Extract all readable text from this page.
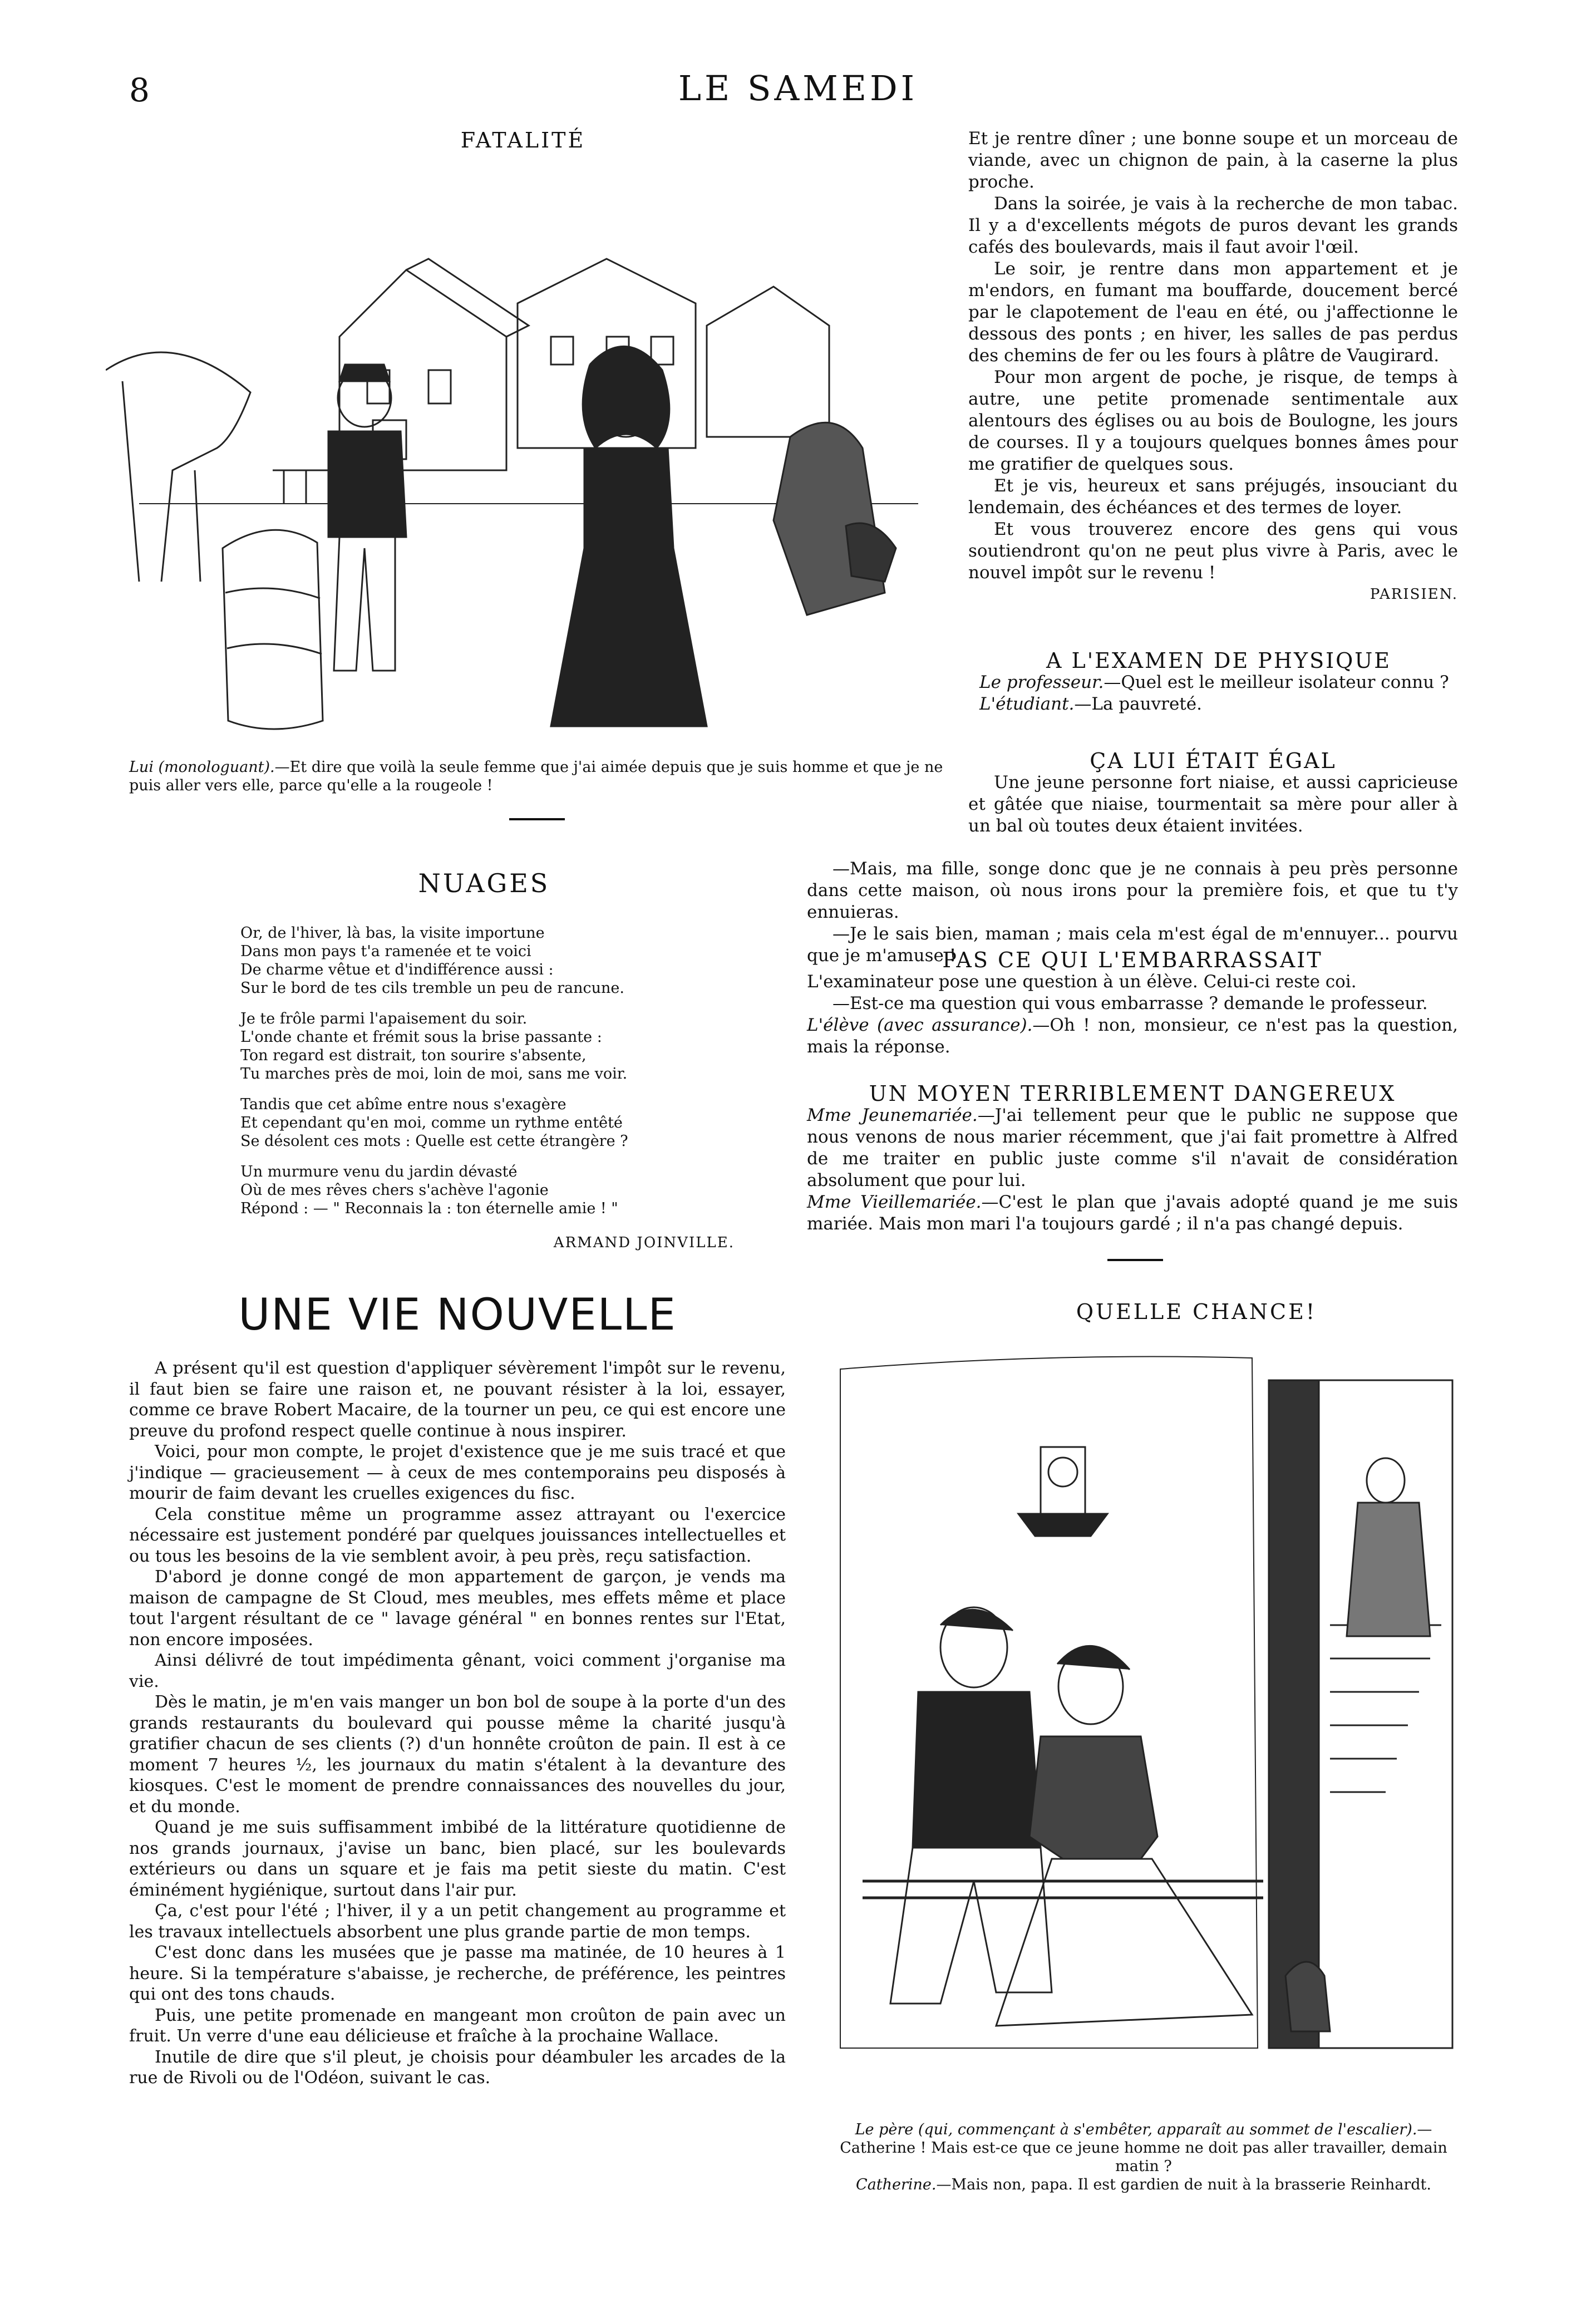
8	LE SAMEDI
FATALITÉ
Lui (monologuant).—Et dire que voilà la seule femme que j'ai aimée depuis que je suis homme et que je ne puis aller vers elle, parce qu'elle a la rougeole !
NUAGES
Or, de l'hiver, là bas, la visite importune
Dans mon pays t'a ramenée et te voici
De charme vêtue et d'indifférence aussi :
Sur le bord de tes cils tremble un peu de rancune.
Je te frôle parmi l'apaisement du soir.
L'onde chante et frémit sous la brise passante :
Ton regard est distrait, ton sourire s'absente,
Tu marches près de moi, loin de moi, sans me voir.
Tandis que cet abîme entre nous s'exagère
Et cependant qu'en moi, comme un rythme entêté
Se désolent ces mots : Quelle est cette étrangère ?
Un murmure venu du jardin dévasté
Où de mes rêves chers s'achève l'agonie
Répond : — " Reconnais la : ton éternelle amie ! "
ARMAND JOINVILLE.

Et je rentre dîner ; une bonne soupe et un morceau de viande, avec un chignon de pain, à la caserne la plus proche.

Dans la soirée, je vais à la recherche de mon tabac. Il y a d'excellents mégots de puros devant les grands cafés des boulevards, mais il faut avoir l'œil.

Le soir, je rentre dans mon appartement et je m'endors, en fumant ma bouffarde, doucement bercé par le clapotement de l'eau en été, ou j'affectionne le dessous des ponts ; en hiver, les salles de pas perdus des chemins de fer ou les fours à plâtre de Vaugirard.

Pour mon argent de poche, je risque, de temps à autre, une petite promenade sentimentale aux alentours des églises ou au bois de Boulogne, les jours de courses. Il y a toujours quelques bonnes âmes pour me gratifier de quelques sous.

Et je vis, heureux et sans préjugés, insouciant du lendemain, des échéances et des termes de loyer.

Et vous trouverez encore des gens qui vous soutiendront qu'on ne peut plus vivre à Paris, avec le nouvel impôt sur le revenu !

PARISIEN.
A L'EXAMEN DE PHYSIQUE

Le professeur.—Quel est le meilleur isolateur connu ?

L'étudiant.—La pauvreté.

ÇA LUI ÉTAIT ÉGAL

Une jeune personne fort niaise, et aussi capricieuse et gâtée que niaise, tourmentait sa mère pour aller à un bal où toutes deux étaient invitées.

—Mais, ma fille, songe donc que je ne connais à peu près personne dans cette maison, où nous irons pour la première fois, et que tu t'y ennuieras.

—Je le sais bien, maman ; mais cela m'est égal de m'ennuyer... pourvu que je m'amuse !

PAS CE QUI L'EMBARRASSAIT

L'examinateur pose une question à un élève. Celui-ci reste coi.

—Est-ce ma question qui vous embarrasse ? demande le professeur.

L'élève (avec assurance).—Oh ! non, monsieur, ce n'est pas la question, mais la réponse.

UN MOYEN TERRIBLEMENT DANGEREUX

Mme Jeunemariée.—J'ai tellement peur que le public ne suppose que nous venons de nous marier récemment, que j'ai fait promettre à Alfred de me traiter en public juste comme s'il n'avait de considération absolument que pour lui.

Mme Vieillemariée.—C'est le plan que j'avais adopté quand je me suis mariée. Mais mon mari l'a toujours gardé ; il n'a pas changé depuis.

UNE VIE NOUVELLE

A présent qu'il est question d'appliquer sévèrement l'impôt sur le revenu, il faut bien se faire une raison et, ne pouvant résister à la loi, essayer, comme ce brave Robert Macaire, de la tourner un peu, ce qui est encore une preuve du profond respect quelle continue à nous inspirer.

Voici, pour mon compte, le projet d'existence que je me suis tracé et que j'indique — gracieusement — à ceux de mes contemporains peu disposés à mourir de faim devant les cruelles exigences du fisc.

Cela constitue même un programme assez attrayant ou l'exercice nécessaire est justement pondéré par quelques jouissances intellectuelles et ou tous les besoins de la vie semblent avoir, à peu près, reçu satisfaction.

D'abord je donne congé de mon appartement de garçon, je vends ma maison de campagne de St Cloud, mes meubles, mes effets même et place tout l'argent résultant de ce " lavage général " en bonnes rentes sur l'Etat, non encore imposées.

Ainsi délivré de tout impédimenta gênant, voici comment j'organise ma vie.

Dès le matin, je m'en vais manger un bon bol de soupe à la porte d'un des grands restaurants du boulevard qui pousse même la charité jusqu'à gratifier chacun de ses clients (?) d'un honnête croûton de pain. Il est à ce moment 7 heures ½, les journaux du matin s'étalent à la devanture des kiosques. C'est le moment de prendre connaissances des nouvelles du jour, et du monde.

Quand je me suis suffisamment imbibé de la littérature quotidienne de nos grands journaux, j'avise un banc, bien placé, sur les boulevards extérieurs ou dans un square et je fais ma petit sieste du matin. C'est éminément hygiénique, surtout dans l'air pur.

Ça, c'est pour l'été ; l'hiver, il y a un petit changement au programme et les travaux intellectuels absorbent une plus grande partie de mon temps.

C'est donc dans les musées que je passe ma matinée, de 10 heures à 1 heure. Si la température s'abaisse, je recherche, de préférence, les peintres qui ont des tons chauds.

Puis, une petite promenade en mangeant mon croûton de pain avec un fruit. Un verre d'une eau délicieuse et fraîche à la prochaine Wallace.

Inutile de dire que s'il pleut, je choisis pour déambuler les arcades de la rue de Rivoli ou de l'Odéon, suivant le cas.

QUELLE CHANCE!
Le père (qui, commençant à s'embêter, apparaît au sommet de l'escalier).—Catherine ! Mais est-ce que ce jeune homme ne doit pas aller travailler, demain matin ?
Catherine.—Mais non, papa. Il est gardien de nuit à la brasserie Reinhardt.
